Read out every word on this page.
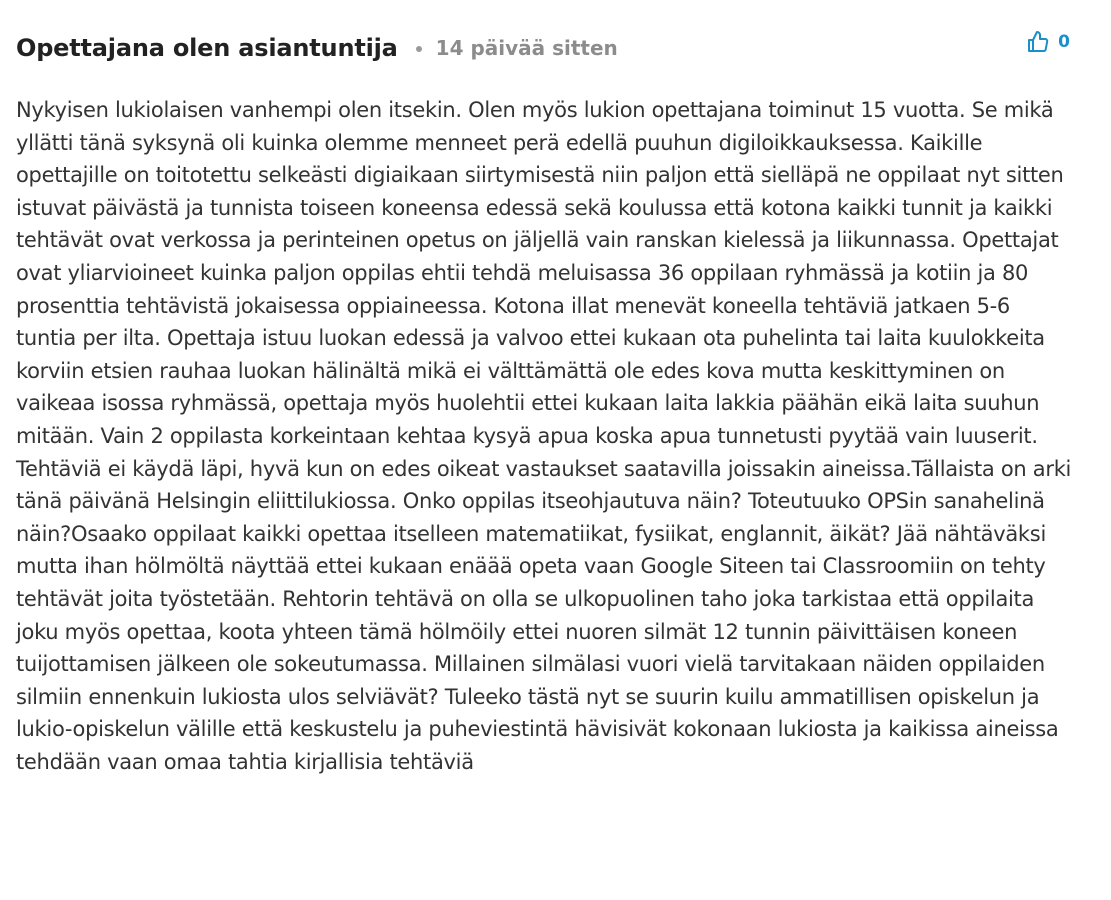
Opettajana olen asiantuntija 14 päivää sitten	0
Nykyisen lukiolaisen vanhempi olen itsekin. Olen myös lukion opettajana toiminut 15 vuotta. Se mikä yllätti tänä syksynä oli kuinka olemme menneet perä edellä puuhun digiloikkauksessa. Kaikille opettajille on toitotettu selkeästi digiaikaan siirtymisestä niin paljon että sielläpä ne oppilaat nyt sitten istuvat päivästä ja tunnista toiseen koneensa edessä sekä koulussa että kotona kaikki tunnit ja kaikki tehtävät ovat verkossa ja perinteinen opetus on jäljellä vain ranskan kielessä ja liikunnassa. Opettajat ovat yliarvioineet kuinka paljon oppilas ehtii tehdä meluisassa 36 oppilaan ryhmässä ja kotiin ja 80 prosenttia tehtävistä jokaisessa oppiaineessa. Kotona illat menevät koneella tehtäviä jatkaen 5-6 tuntia per ilta. Opettaja istuu luokan edessä ja valvoo ettei kukaan ota puhelinta tai laita kuulokkeita korviin etsien rauhaa luokan hälinältä mikä ei välttämättä ole edes kova mutta keskittyminen on vaikeaa isossa ryhmässä, opettaja myös huolehtii ettei kukaan laita lakkia päähän eikä laita suuhun mitään. Vain 2 oppilasta korkeintaan kehtaa kysyä apua koska apua tunnetusti pyytää vain luuserit. Tehtäviä ei käydä läpi, hyvä kun on edes oikeat vastaukset saatavilla joissakin aineissa.Tällaista on arki tänä päivänä Helsingin eliittilukiossa. Onko oppilas itseohjautuva näin? Toteutuuko OPSin sanahelinä näin?Osaako oppilaat kaikki opettaa itselleen matematiikat, fysiikat, englannit, äikät? Jää nähtäväksi mutta ihan hölmöltä näyttää ettei kukaan enäää opeta vaan Google Siteen tai Classroomiin on tehty tehtävät joita työstetään. Rehtorin tehtävä on olla se ulkopuolinen taho joka tarkistaa että oppilaita joku myös opettaa, koota yhteen tämä hölmöily ettei nuoren silmät 12 tunnin päivittäisen koneen tuijottamisen jälkeen ole sokeutumassa. Millainen silmälasi vuori vielä tarvitakaan näiden oppilaiden silmiin ennenkuin lukiosta ulos selviävät? Tuleeko tästä nyt se suurin kuilu ammatillisen opiskelun ja lukio-opiskelun välille että keskustelu ja puheviestintä hävisivät kokonaan lukiosta ja kaikissa aineissa tehdään vaan omaa tahtia kirjallisia tehtäviä
